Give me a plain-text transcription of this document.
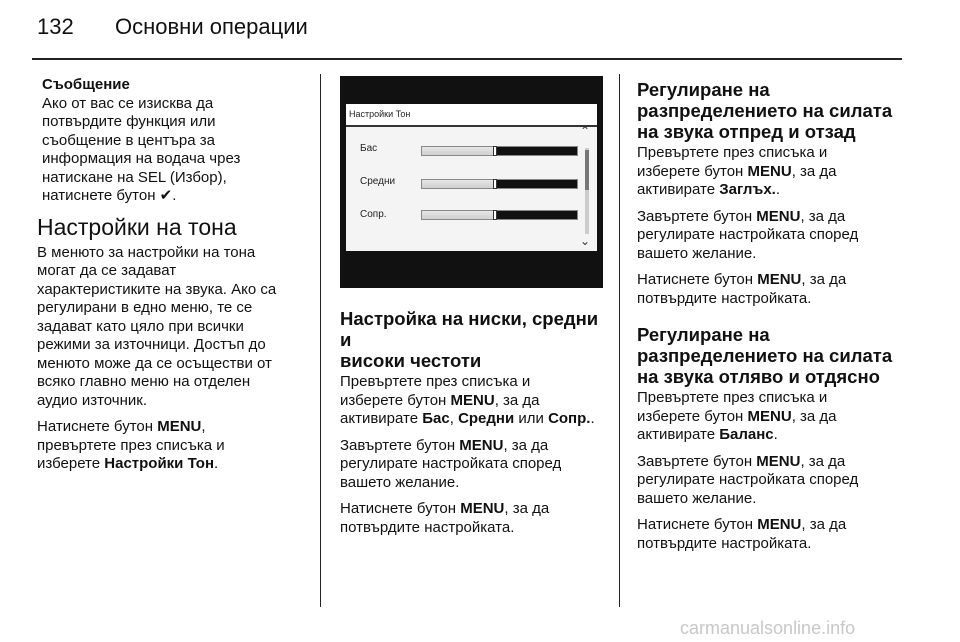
132 Основни операции
Съобщение

Ако от вас се изисква да
потвърдите функция или
съобщение в центъра за
информация на водача чрез
натискане на SEL (Избор),
натиснете бутон ✔.

Настройки на тона

В менюто за настройки на тона
могат да се задават
характеристиките на звука. Ако са
регулирани в едно меню, те се
задават като цяло при всички
режими за източници. Достъп до
менюто може да се осъществи от
всяко главно меню на отделен
аудио източник.

Натиснете бутон MENU,
превъртете през списъка и
изберете Настройки Тон.

Настройки Тон
⌃
⌄
Бас
Средни
Сопр.
Настройка на ниски, средни и
високи честоти

Превъртете през списъка и
изберете бутон MENU, за да
активирате Бас, Средни или Сопр..

Завъртете бутон MENU, за да
регулирате настройката според
вашето желание.

Натиснете бутон MENU, за да
потвърдите настройката.

Регулиране на
разпределението на силата
на звука отпред и отзад

Превъртете през списъка и
изберете бутон MENU, за да
активирате Заглъх..

Завъртете бутон MENU, за да
регулирате настройката според
вашето желание.

Натиснете бутон MENU, за да
потвърдите настройката.

Регулиране на
разпределението на силата
на звука отляво и отдясно

Превъртете през списъка и
изберете бутон MENU, за да
активирате Баланс.

Завъртете бутон MENU, за да
регулирате настройката според
вашето желание.

Натиснете бутон MENU, за да
потвърдите настройката.

carmanualsonline.info
